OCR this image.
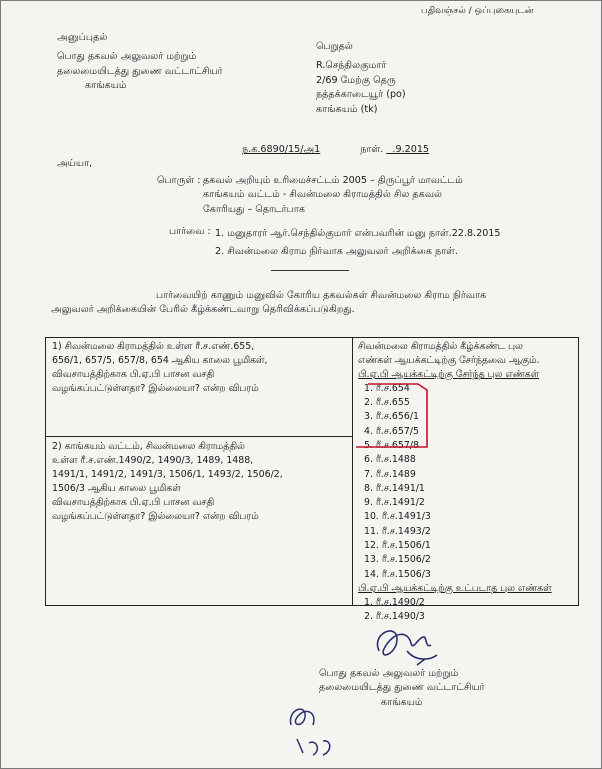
பதிவஞ்சல் / ஒப்புகையுடன்
அனுப்புதல்
பொது தகவல் அலுவலர் மற்றும்
தலைமையிடத்து துணை வட்டாட்சியர்
காங்கயம்
பெறுதல்
R.செந்திலகுமார்
2/69 மேற்கு தெரு
நத்தக்காடையூர் (po)
காங்கயம் (tk)
ந.க.6890/15/அ1	நாள்.   .9.2015
அய்யா,
பொருள் : தகவல் அறியும் உரிமைச்சட்டம் 2005 – திருப்பூர் மாவட்டம்
காங்கயம் வட்டம் - சிவன்மலை கிராமத்தில் சில தகவல்
கோரியது – தொடர்பாக
பார்வை : 1. மனுதாரர் ஆர்.செந்தில்குமார் என்பவரின் மனு நாள்.22.8.2015
2. சிவன்மலை கிராம நிர்வாக அலுவலர் அறிக்கை நாள்.
பார்வையிற் காணும் மனுவில் கோரிய தகவல்கள் சிவன்மலை கிராம நிர்வாக
அலுவலர் அறிக்கையின் பேரில் கீழ்க்கண்டவாறு தெரிவிக்கப்படுகிறது.

1) சிவன்மலை கிராமத்தில் உள்ள ரீ.ச.எண்.655,

656/1, 657/5, 657/8, 654 ஆகிய காலை பூமிகள்,

விவசாயத்திற்காக பி.ஏ.பி பாசன வசதி

வழங்கப்பட்டுள்ளதா? இல்லையா? என்ற விபரம்

2) காங்கயம் வட்டம், சிவன்மலை கிராமத்தில்

உள்ள ரீ.ச.எண்.1490/2, 1490/3, 1489, 1488,

1491/1, 1491/2, 1491/3, 1506/1, 1493/2, 1506/2,

1506/3 ஆகிய காலை பூமிகள்

விவசாயத்திற்காக பி.ஏ.பி பாசன வசதி

வழங்கப்பட்டுள்ளதா? இல்லையா? என்ற விபரம்

சிவன்மலை கிராமத்தில் கீழ்க்கண்ட புல

எண்கள் ஆயக்கட்டிற்கு சேர்ந்தவை ஆகும்.

பி.ஏ.பி ஆயக்கட்டிற்கு சேர்ந்த புல எண்கள்

1. ரீ.ச.654
2. ரீ.ச.655
3. ரீ.ச.656/1
4. ரீ.ச.657/5
5. ரீ.ச.657/8
6. ரீ.ச.1488
7. ரீ.ச.1489
8. ரீ.ச.1491/1
9. ரீ.ச.1491/2
10. ரீ.ச.1491/3
11. ரீ.ச.1493/2
12. ரீ.ச.1506/1
13. ரீ.ச.1506/2
14. ரீ.ச.1506/3

பி.ஏ.பி ஆயக்கட்டிற்கு உட்படாத புல எண்கள்

1. ரீ.ச.1490/2
2. ரீ.ச.1490/3
பொது தகவல் அலுவலர் மற்றும்
தலைமையிடத்து துணை வட்டாட்சியர்
காங்கயம்
